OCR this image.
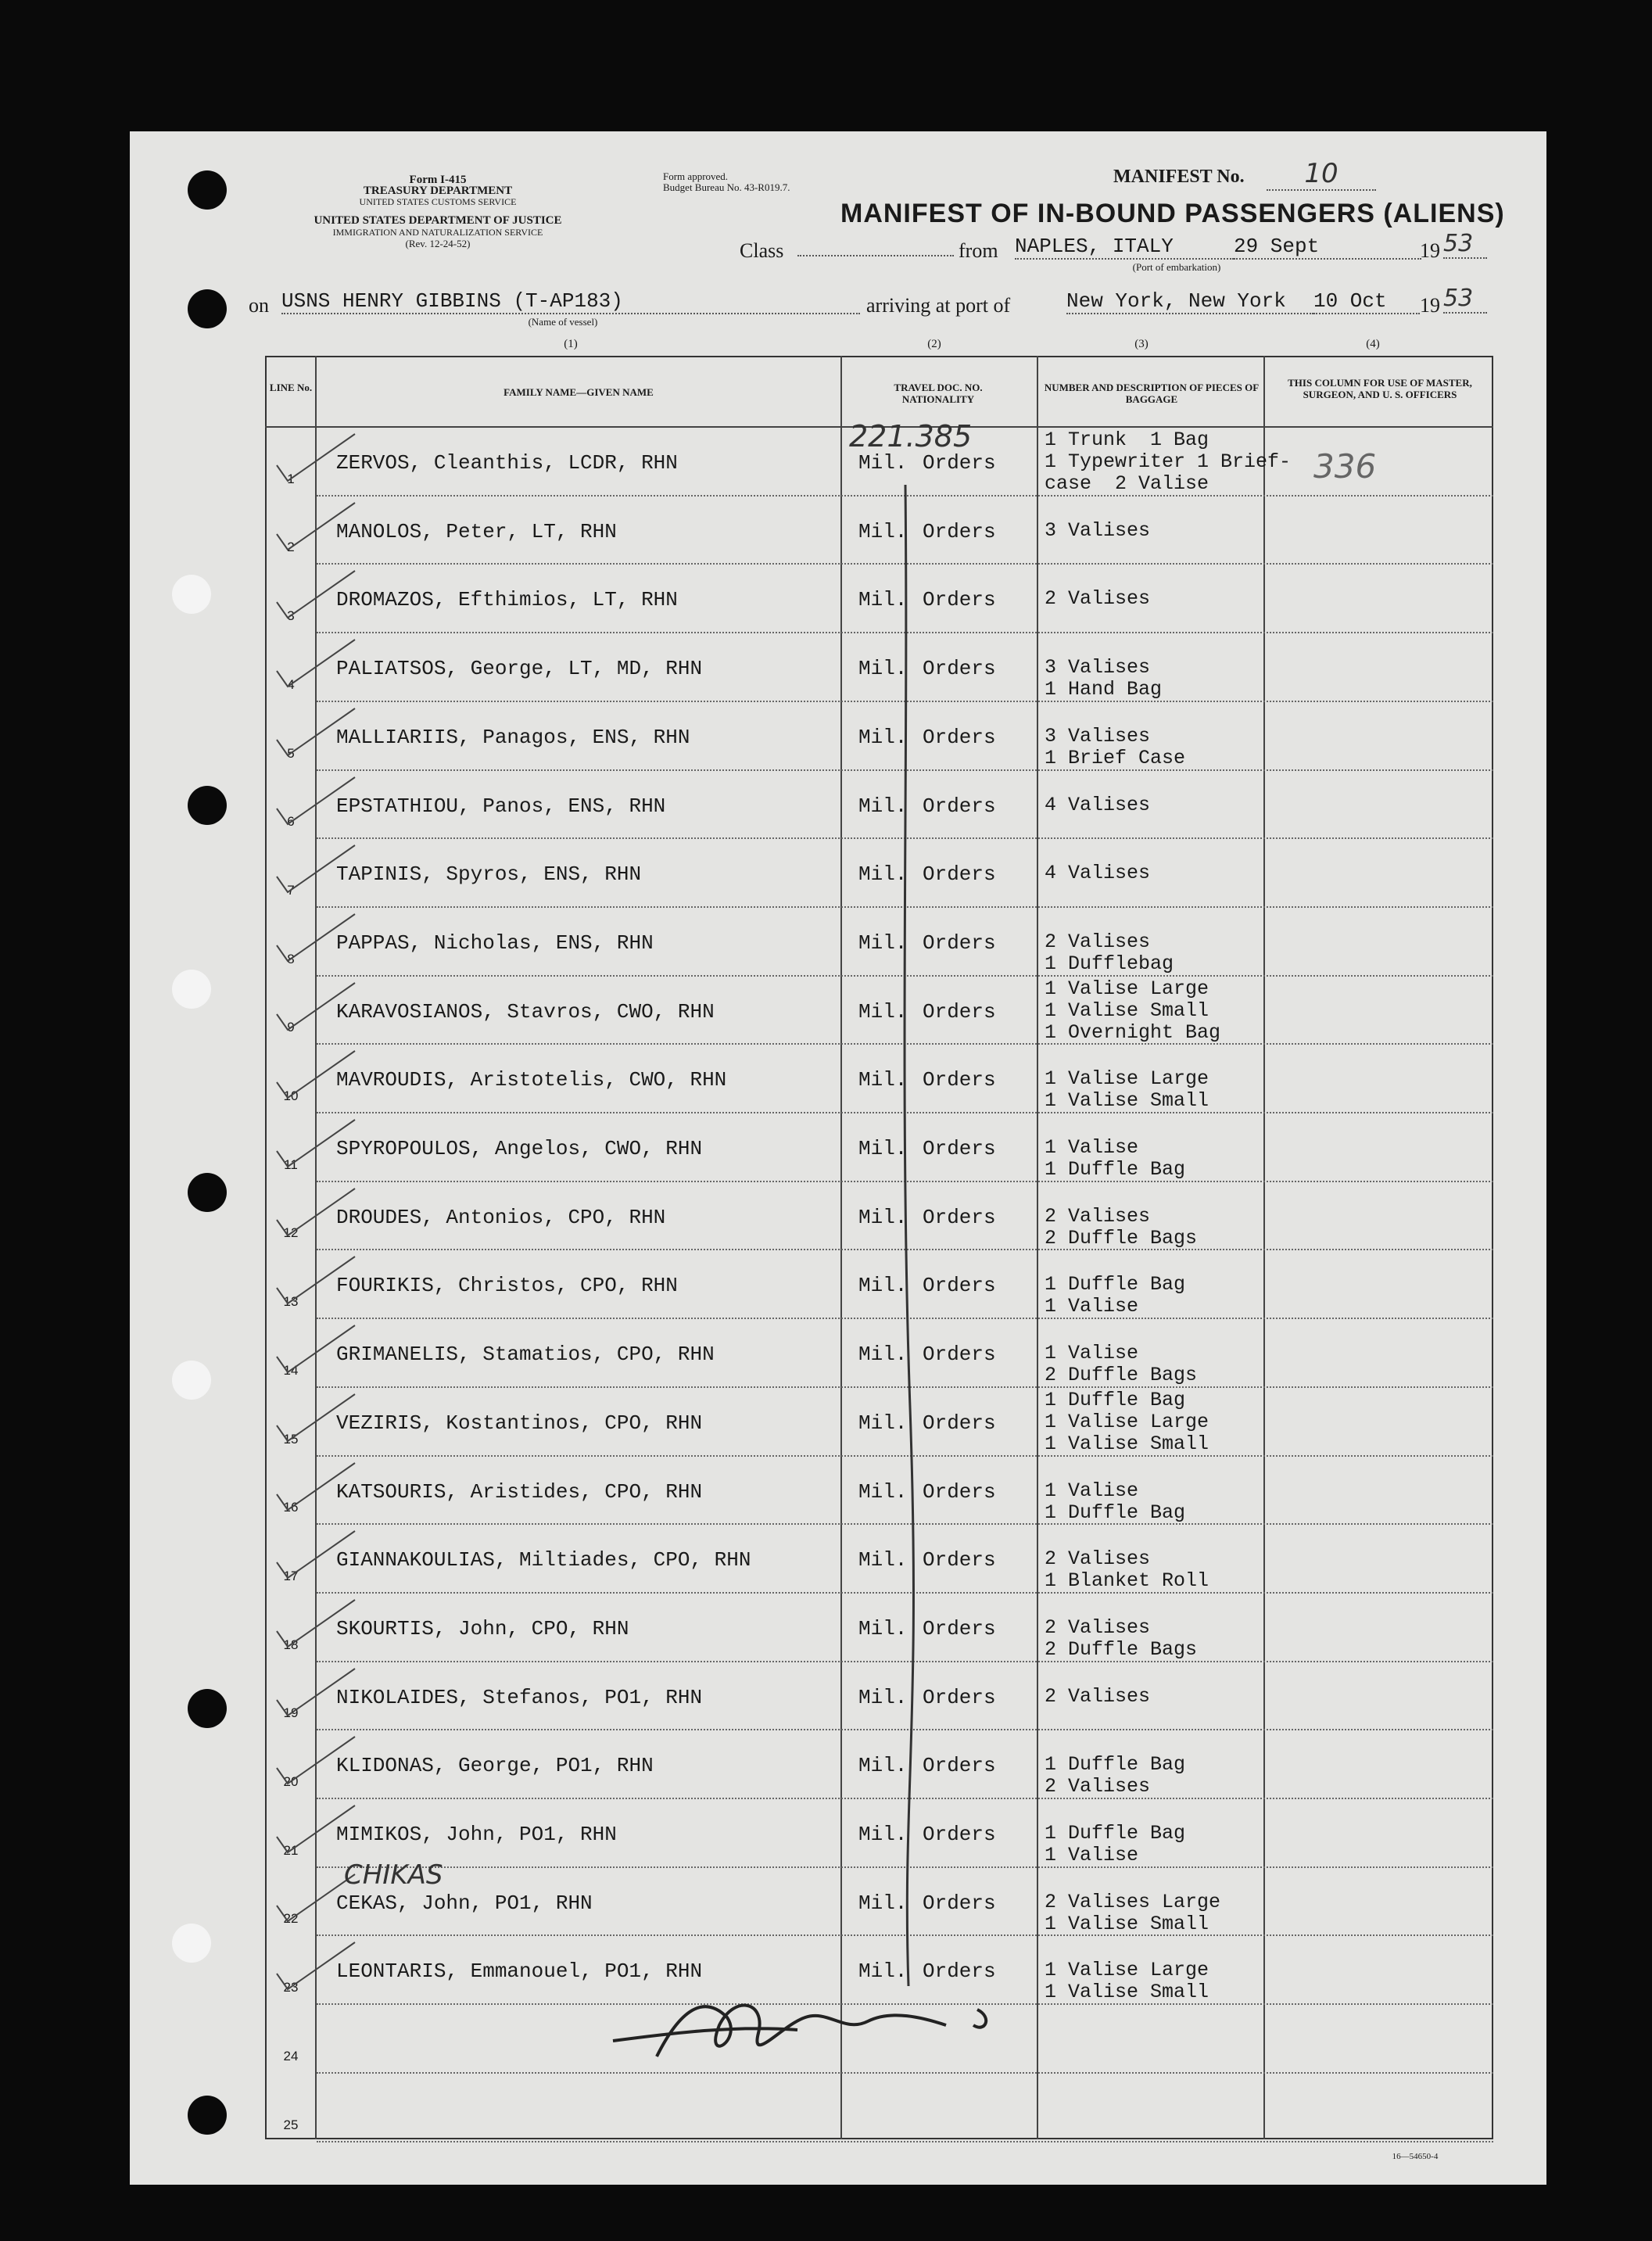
Form I-415
TREASURY DEPARTMENT
UNITED STATES CUSTOMS SERVICE
UNITED STATES DEPARTMENT OF JUSTICE
IMMIGRATION AND NATURALIZATION SERVICE
(Rev. 12-24-52)
Form approved.
Budget Bureau No. 43-R019.7.
MANIFEST No.	10
MANIFEST OF IN-BOUND PASSENGERS (ALIENS)
Class	from NAPLES, ITALY	29 Sept	19 53
(Port of embarkation)
on USNS HENRY GIBBINS (T-AP183)
(Name of vessel)
arriving at port of	New York, New York	10 Oct	19 53
(1)	(2)	(3)	(4)
LINE No.	FAMILY NAME—GIVEN NAME	TRAVEL DOC. NO. NATIONALITY
NUMBER AND DESCRIPTION OF PIECES OF BAGGAGE
THIS COLUMN FOR USE OF MASTER, SURGEON, AND U. S. OFFICERS
1
ZERVOS, Cleanthis, LCDR, RHN	Mil. Orders
1 Trunk  1 Bag
1 Typewriter 1 Brief-
case  2 Valise
2
MANOLOS, Peter, LT, RHN	Mil. Orders 3 Valises
3
DROMAZOS, Efthimios, LT, RHN	Mil. Orders 2 Valises
4
PALIATSOS, George, LT, MD, RHN	Mil. Orders 3 Valises
1 Hand Bag
5
MALLIARIIS, Panagos, ENS, RHN	Mil. Orders 3 Valises
1 Brief Case
6
EPSTATHIOU, Panos, ENS, RHN	Mil. Orders 4 Valises
7
TAPINIS, Spyros, ENS, RHN	Mil. Orders 4 Valises
8
PAPPAS, Nicholas, ENS, RHN	Mil. Orders 2 Valises
1 Dufflebag
9
KARAVOSIANOS, Stavros, CWO, RHN	Mil. Orders
1 Valise Large
1 Valise Small
1 Overnight Bag
10
MAVROUDIS, Aristotelis, CWO, RHN	Mil. Orders 1 Valise Large
1 Valise Small
11
SPYROPOULOS, Angelos, CWO, RHN	Mil. Orders 1 Valise
1 Duffle Bag
12
DROUDES, Antonios, CPO, RHN	Mil. Orders 2 Valises
2 Duffle Bags
13
FOURIKIS, Christos, CPO, RHN	Mil. Orders 1 Duffle Bag
1 Valise
14
GRIMANELIS, Stamatios, CPO, RHN	Mil. Orders 1 Valise
2 Duffle Bags
15
VEZIRIS, Kostantinos, CPO, RHN	Mil. Orders
1 Duffle Bag
1 Valise Large
1 Valise Small
16
KATSOURIS, Aristides, CPO, RHN	Mil. Orders 1 Valise
1 Duffle Bag
17
GIANNAKOULIAS, Miltiades, CPO, RHN	Mil. Orders 2 Valises
1 Blanket Roll
18
SKOURTIS, John, CPO, RHN	Mil. Orders 2 Valises
2 Duffle Bags
19
NIKOLAIDES, Stefanos, PO1, RHN	Mil. Orders 2 Valises
20
KLIDONAS, George, PO1, RHN	Mil. Orders 1 Duffle Bag
2 Valises
21
MIMIKOS, John, PO1, RHN	Mil. Orders 1 Duffle Bag
1 Valise
22
CEKAS, John, PO1, RHN	Mil. Orders 2 Valises Large
1 Valise Small
23
LEONTARIS, Emmanouel, PO1, RHN	Mil. Orders 1 Valise Large
1 Valise Small
24
25
221.385
336
CHIKAS
16—54650-4
